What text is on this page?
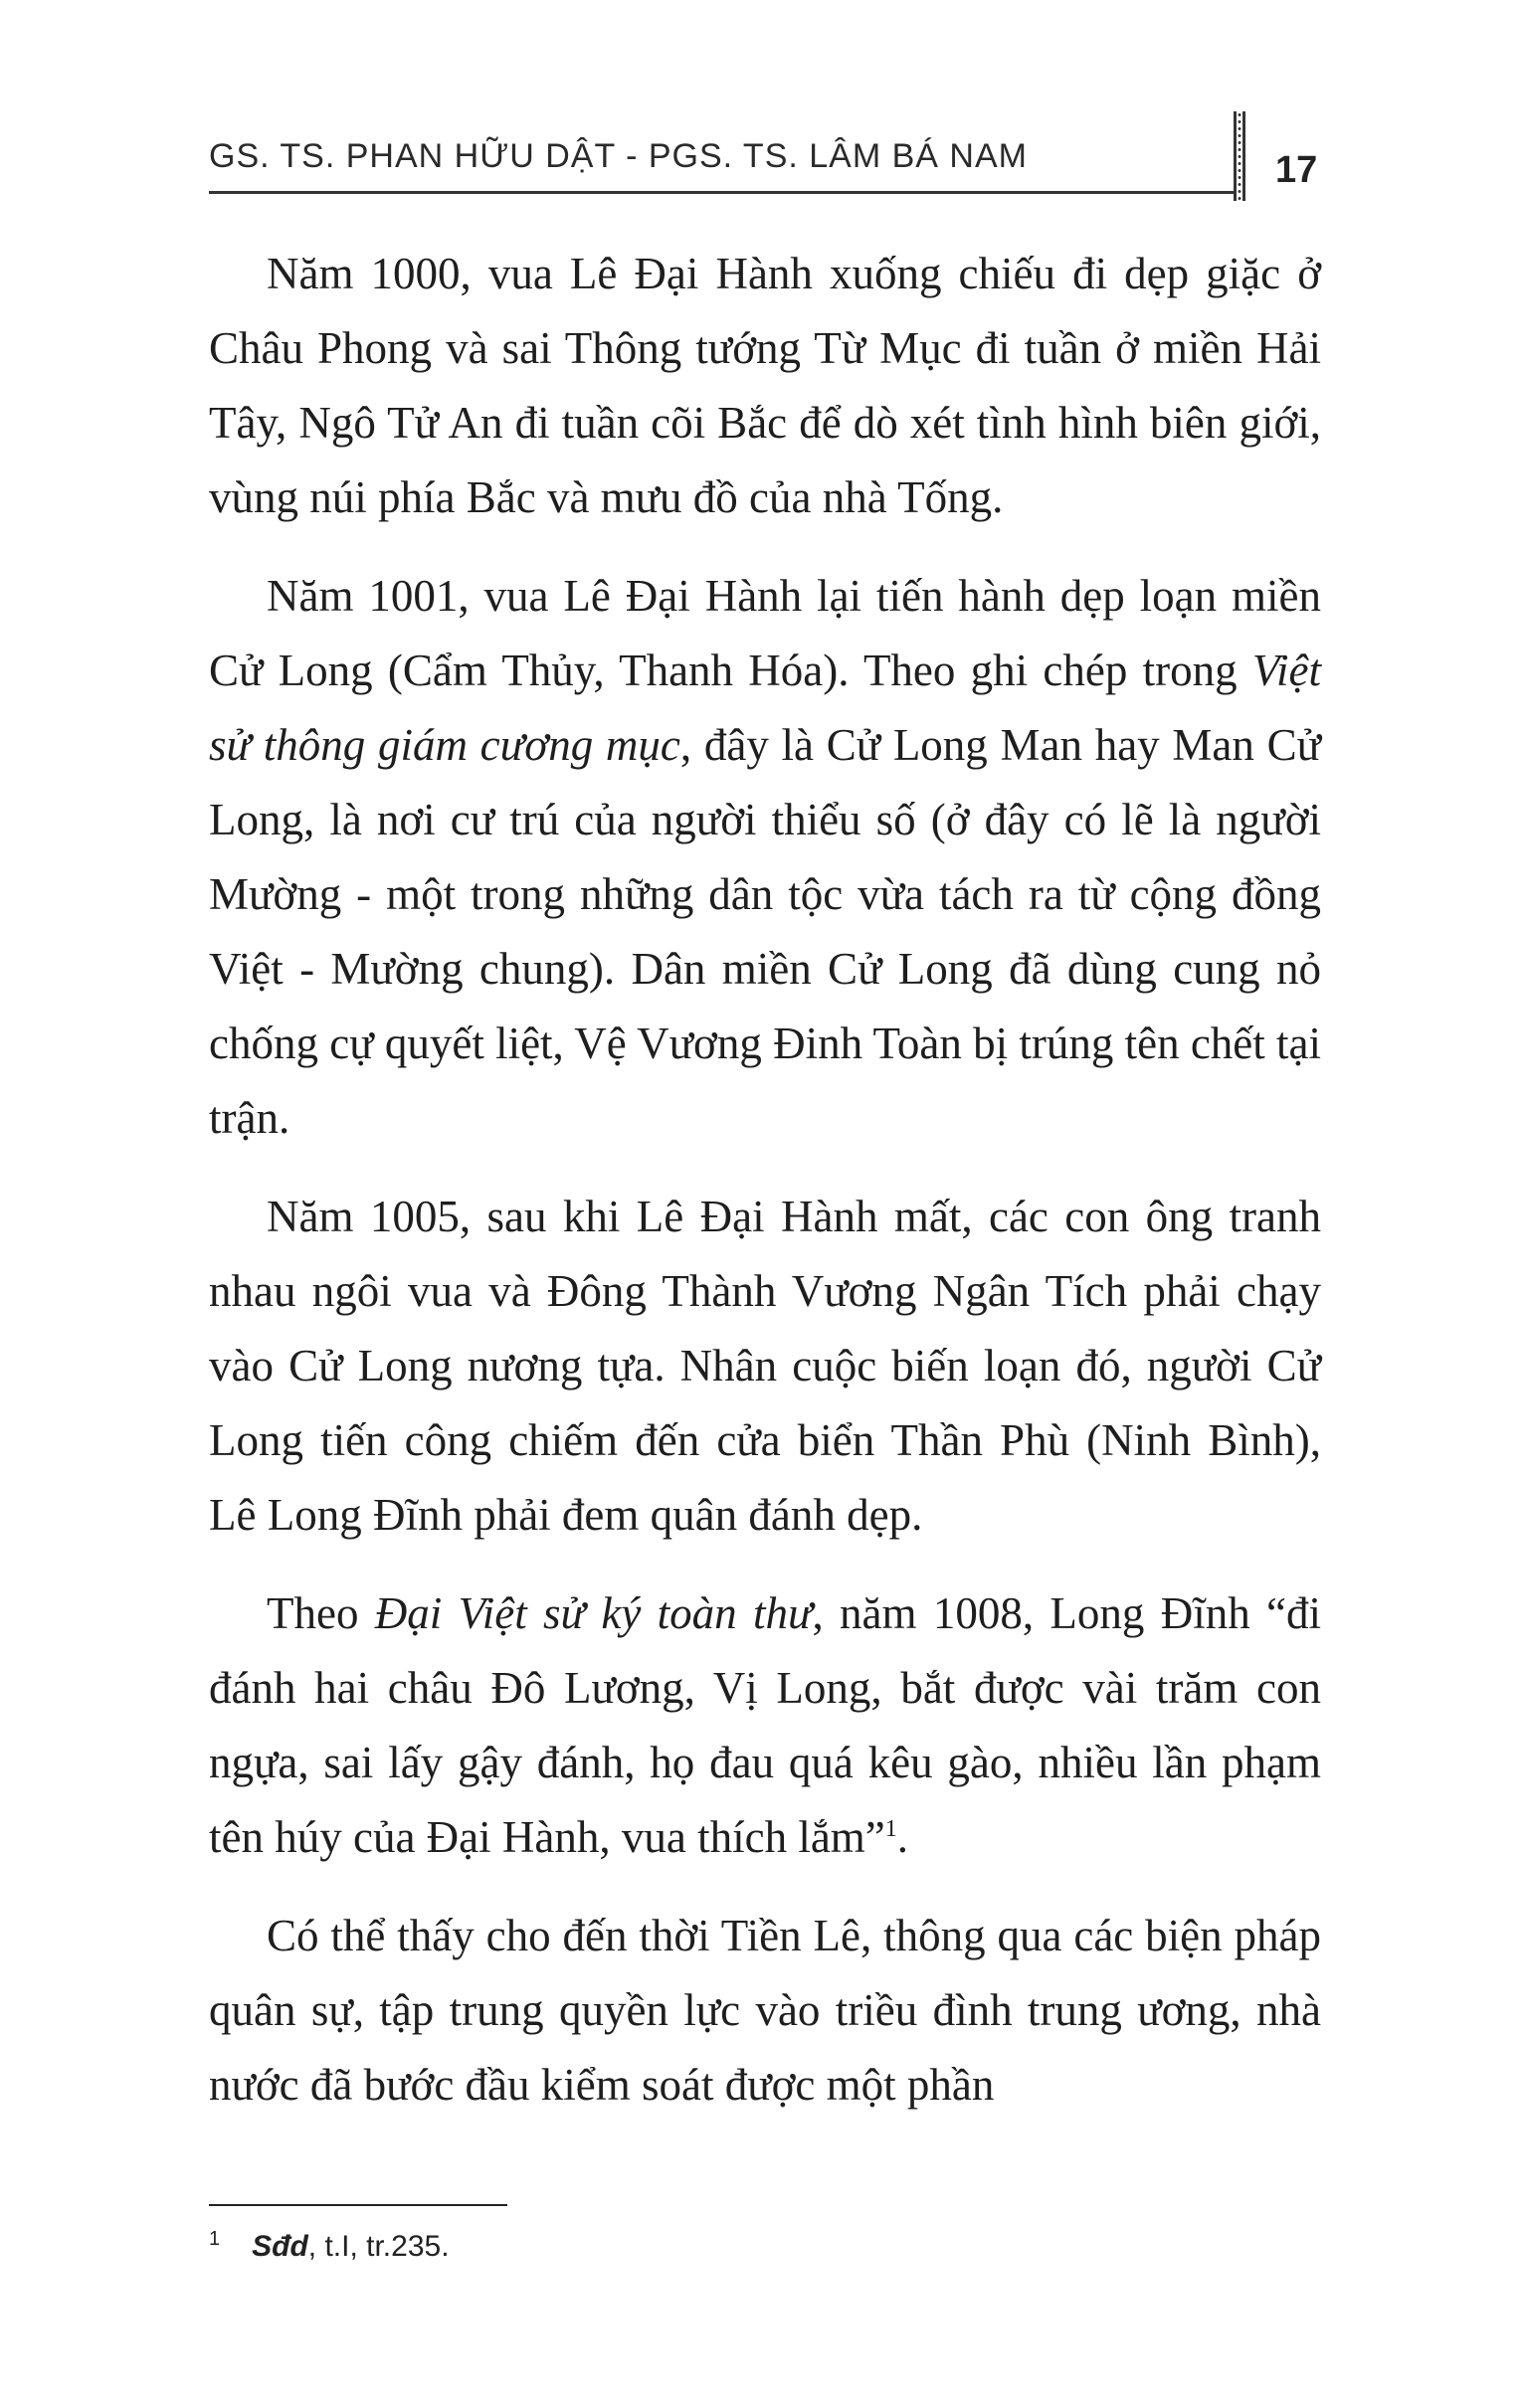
GS. TS. PHAN HỮU DẬT - PGS. TS. LÂM BÁ NAM	17

Năm 1000, vua Lê Đại Hành xuống chiếu đi dẹp giặc ở Châu Phong và sai Thông tướng Từ Mục đi tuần ở miền Hải Tây, Ngô Tử An đi tuần cõi Bắc để dò xét tình hình biên giới, vùng núi phía Bắc và mưu đồ của nhà Tống.

Năm 1001, vua Lê Đại Hành lại tiến hành dẹp loạn miền Cử Long (Cẩm Thủy, Thanh Hóa). Theo ghi chép trong Việt sử thông giám cương mục, đây là Cử Long Man hay Man Cử Long, là nơi cư trú của người thiểu số (ở đây có lẽ là người Mường - một trong những dân tộc vừa tách ra từ cộng đồng Việt - Mường chung). Dân miền Cử Long đã dùng cung nỏ chống cự quyết liệt, Vệ Vương Đinh Toàn bị trúng tên chết tại trận.

Năm 1005, sau khi Lê Đại Hành mất, các con ông tranh nhau ngôi vua và Đông Thành Vương Ngân Tích phải chạy vào Cử Long nương tựa. Nhân cuộc biến loạn đó, người Cử Long tiến công chiếm đến cửa biển Thần Phù (Ninh Bình), Lê Long Đĩnh phải đem quân đánh dẹp.

Theo Đại Việt sử ký toàn thư, năm 1008, Long Đĩnh “đi đánh hai châu Đô Lương, Vị Long, bắt được vài trăm con ngựa, sai lấy gậy đánh, họ đau quá kêu gào, nhiều lần phạm tên húy của Đại Hành, vua thích lắm”$^1$.

Có thể thấy cho đến thời Tiền Lê, thông qua các biện pháp quân sự, tập trung quyền lực vào triều đình trung ương, nhà nước đã bước đầu kiểm soát được một phần

$^1$ Sđd, t.I, tr.235.
